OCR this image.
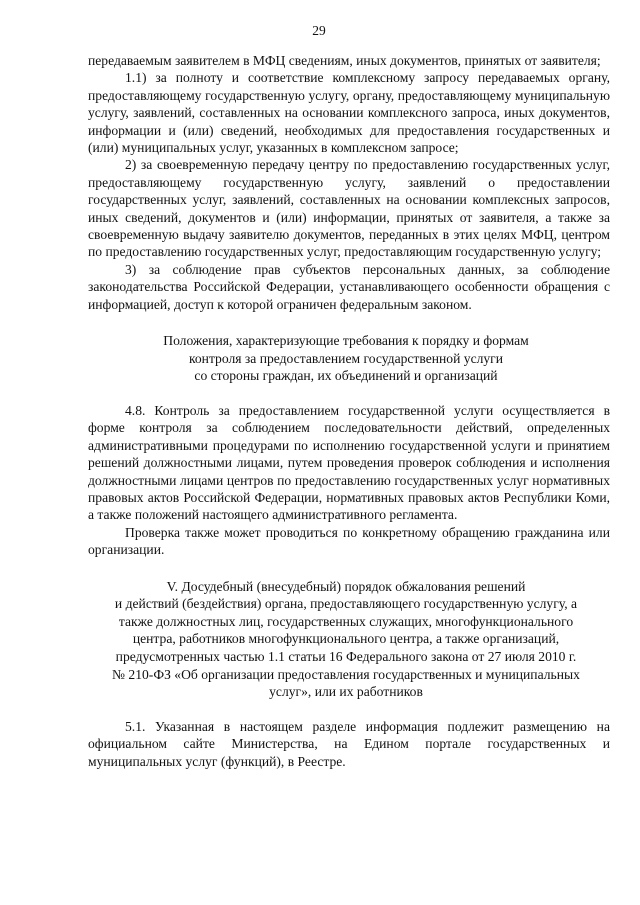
29

передаваемым заявителем в МФЦ сведениям, иных документов, принятых от заявителя;

1.1) за полноту и соответствие комплексному запросу передаваемых органу, предоставляющему государственную услугу, органу, предоставляющему муниципальную услугу, заявлений, составленных на основании комплексного запроса, иных документов, информации и (или) сведений, необходимых для предоставления государственных и (или) муниципальных услуг, указанных в комплексном запросе;

2) за своевременную передачу центру по предоставлению государственных услуг, предоставляющему государственную услугу, заявлений о предоставлении государственных услуг, заявлений, составленных на основании комплексных запросов, иных сведений, документов и (или) информации, принятых от заявителя, а также за своевременную выдачу заявителю документов, переданных в этих целях МФЦ, центром по предоставлению государственных услуг, предоставляющим государственную услугу;

3) за соблюдение прав субъектов персональных данных, за соблюдение законодательства Российской Федерации, устанавливающего особенности обращения с информацией, доступ к которой ограничен федеральным законом.

Положения, характеризующие требования к порядку и формам
контроля за предоставлением государственной услуги
со стороны граждан, их объединений и организаций

4.8. Контроль за предоставлением государственной услуги осуществляется в форме контроля за соблюдением последовательности действий, определенных административными процедурами по исполнению государственной услуги и принятием решений должностными лицами, путем проведения проверок соблюдения и исполнения должностными лицами центров по предоставлению государственных услуг нормативных правовых актов Российской Федерации, нормативных правовых актов Республики Коми, а также положений настоящего административного регламента.

Проверка также может проводиться по конкретному обращению гражданина или организации.

V. Досудебный (внесудебный) порядок обжалования решений
и действий (бездействия) органа, предоставляющего государственную услугу, а
также должностных лиц, государственных служащих, многофункционального
центра, работников многофункционального центра, а также организаций,
предусмотренных частью 1.1 статьи 16 Федерального закона от 27 июля 2010 г.
№ 210-ФЗ «Об организации предоставления государственных и муниципальных
услуг», или их работников

5.1. Указанная в настоящем разделе информация подлежит размещению на официальном сайте Министерства, на Едином портале государственных и муниципальных услуг (функций), в Реестре.
